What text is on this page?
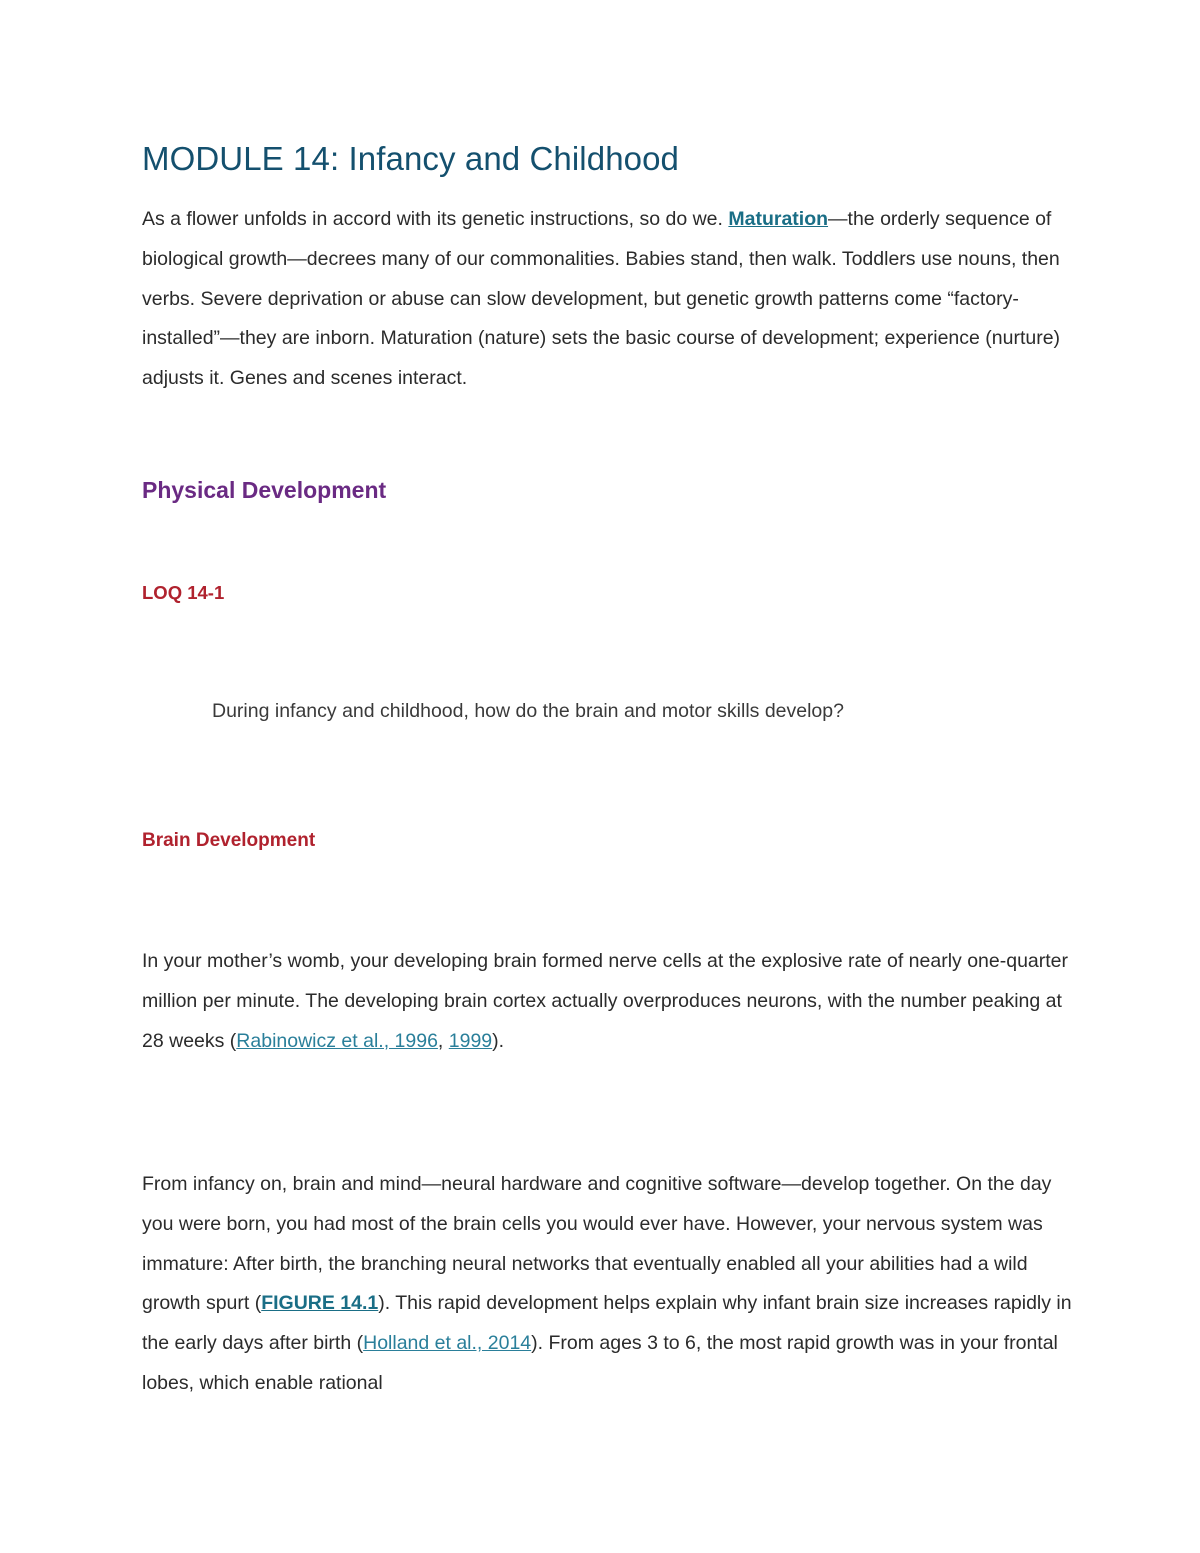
MODULE 14: Infancy and Childhood

As a flower unfolds in accord with its genetic instructions, so do we. Maturation—the orderly sequence of biological growth—decrees many of our commonalities. Babies stand, then walk. Toddlers use nouns, then verbs. Severe deprivation or abuse can slow development, but genetic growth patterns come “factory-installed”—they are inborn. Maturation (nature) sets the basic course of development; experience (nurture) adjusts it. Genes and scenes interact.

Physical Development
LOQ 14-1

During infancy and childhood, how do the brain and motor skills develop?

Brain Development

In your mother’s womb, your developing brain formed nerve cells at the explosive rate of nearly one-quarter million per minute. The developing brain cortex actually overproduces neurons, with the number peaking at 28 weeks (Rabinowicz et al., 1996, 1999).

From infancy on, brain and mind—neural hardware and cognitive software—develop together. On the day you were born, you had most of the brain cells you would ever have. However, your nervous system was immature: After birth, the branching neural networks that eventually enabled all your abilities had a wild growth spurt (FIGURE 14.1). This rapid development helps explain why infant brain size increases rapidly in the early days after birth (Holland et al., 2014). From ages 3 to 6, the most rapid growth was in your frontal lobes, which enable rational
